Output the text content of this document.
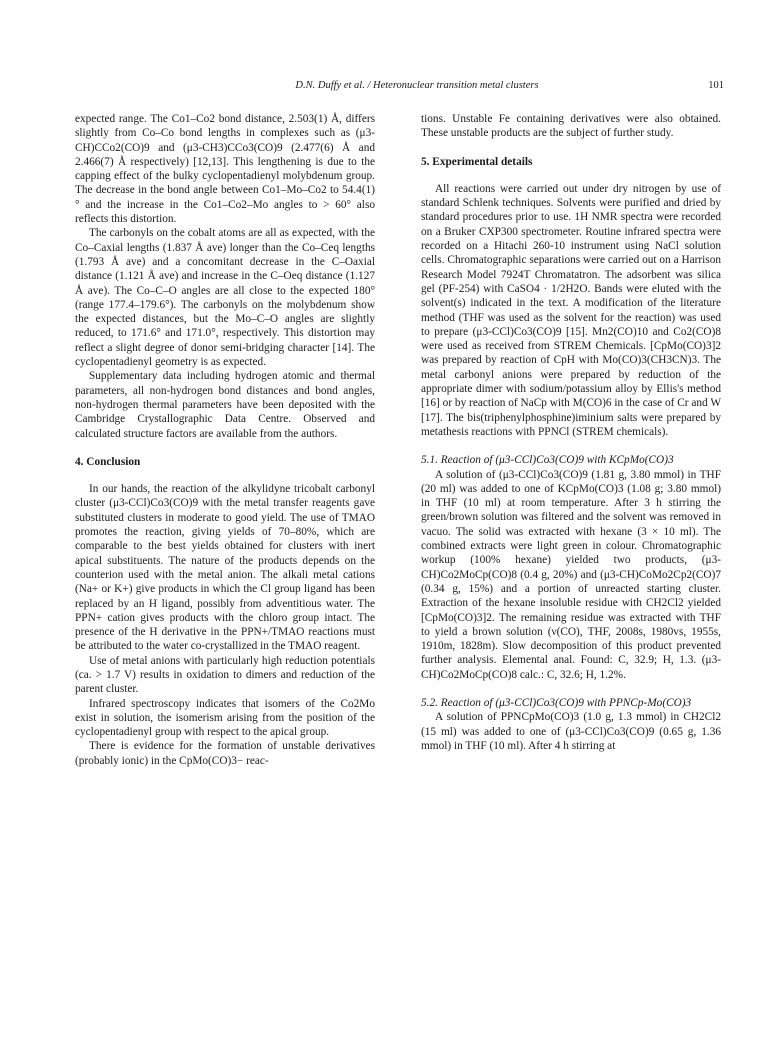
D.N. Duffy et al. / Heteronuclear transition metal clusters	101

expected range. The Co1–Co2 bond distance, 2.503(1) Å, differs slightly from Co–Co bond lengths in complexes such as (μ3-CH)CCo2(CO)9 and (μ3-CH3)CCo3(CO)9 (2.477(6) Å and 2.466(7) Å respectively) [12,13]. This lengthening is due to the capping effect of the bulky cyclopentadienyl molybdenum group. The decrease in the bond angle between Co1–Mo–Co2 to 54.4(1)° and the increase in the Co1–Co2–Mo angles to > 60° also reflects this distortion.

The carbonyls on the cobalt atoms are all as expected, with the Co–Caxial lengths (1.837 Å ave) longer than the Co–Ceq lengths (1.793 Å ave) and a concomitant decrease in the C–Oaxial distance (1.121 Å ave) and increase in the C–Oeq distance (1.127 Å ave). The Co–C–O angles are all close to the expected 180° (range 177.4–179.6°). The carbonyls on the molybdenum show the expected distances, but the Mo–C–O angles are slightly reduced, to 171.6° and 171.0°, respectively. This distortion may reflect a slight degree of donor semi-bridging character [14]. The cyclopentadienyl geometry is as expected.

Supplementary data including hydrogen atomic and thermal parameters, all non-hydrogen bond distances and bond angles, non-hydrogen thermal parameters have been deposited with the Cambridge Crystallographic Data Centre. Observed and calculated structure factors are available from the authors.

4. Conclusion

In our hands, the reaction of the alkylidyne tricobalt carbonyl cluster (μ3-CCl)Co3(CO)9 with the metal transfer reagents gave substituted clusters in moderate to good yield. The use of TMAO promotes the reaction, giving yields of 70–80%, which are comparable to the best yields obtained for clusters with inert apical substituents. The nature of the products depends on the counterion used with the metal anion. The alkali metal cations (Na+ or K+) give products in which the Cl group ligand has been replaced by an H ligand, possibly from adventitious water. The PPN+ cation gives products with the chloro group intact. The presence of the H derivative in the PPN+/TMAO reactions must be attributed to the water co-crystallized in the TMAO reagent.

Use of metal anions with particularly high reduction potentials (ca. > 1.7 V) results in oxidation to dimers and reduction of the parent cluster.

Infrared spectroscopy indicates that isomers of the Co2Mo exist in solution, the isomerism arising from the position of the cyclopentadienyl group with respect to the apical group.

There is evidence for the formation of unstable derivatives (probably ionic) in the CpMo(CO)3− reac-

tions. Unstable Fe containing derivatives were also obtained. These unstable products are the subject of further study.

5. Experimental details

All reactions were carried out under dry nitrogen by use of standard Schlenk techniques. Solvents were purified and dried by standard procedures prior to use. 1H NMR spectra were recorded on a Bruker CXP300 spectrometer. Routine infrared spectra were recorded on a Hitachi 260-10 instrument using NaCl solution cells. Chromatographic separations were carried out on a Harrison Research Model 7924T Chromatatron. The adsorbent was silica gel (PF-254) with CaSO4 · 1/2H2O. Bands were eluted with the solvent(s) indicated in the text. A modification of the literature method (THF was used as the solvent for the reaction) was used to prepare (μ3-CCl)Co3(CO)9 [15]. Mn2(CO)10 and Co2(CO)8 were used as received from STREM Chemicals. [CpMo(CO)3]2 was prepared by reaction of CpH with Mo(CO)3(CH3CN)3. The metal carbonyl anions were prepared by reduction of the appropriate dimer with sodium/potassium alloy by Ellis's method [16] or by reaction of NaCp with M(CO)6 in the case of Cr and W [17]. The bis(triphenylphosphine)iminium salts were prepared by metathesis reactions with PPNCl (STREM chemicals).

5.1. Reaction of (μ3-CCl)Co3(CO)9 with KCpMo(CO)3

A solution of (μ3-CCl)Co3(CO)9 (1.81 g, 3.80 mmol) in THF (20 ml) was added to one of KCpMo(CO)3 (1.08 g; 3.80 mmol) in THF (10 ml) at room temperature. After 3 h stirring the green/brown solution was filtered and the solvent was removed in vacuo. The solid was extracted with hexane (3 × 10 ml). The combined extracts were light green in colour. Chromatographic workup (100% hexane) yielded two products, (μ3-CH)Co2MoCp(CO)8 (0.4 g, 20%) and (μ3-CH)CoMo2Cp2(CO)7 (0.34 g, 15%) and a portion of unreacted starting cluster. Extraction of the hexane insoluble residue with CH2Cl2 yielded [CpMo(CO)3]2. The remaining residue was extracted with THF to yield a brown solution (ν(CO), THF, 2008s, 1980vs, 1955s, 1910m, 1828m). Slow decomposition of this product prevented further analysis. Elemental anal. Found: C, 32.9; H, 1.3. (μ3-CH)Co2MoCp(CO)8 calc.: C, 32.6; H, 1.2%.

5.2. Reaction of (μ3-CCl)Co3(CO)9 with PPNCp-Mo(CO)3

A solution of PPNCpMo(CO)3 (1.0 g, 1.3 mmol) in CH2Cl2 (15 ml) was added to one of (μ3-CCl)Co3(CO)9 (0.65 g, 1.36 mmol) in THF (10 ml). After 4 h stirring at
